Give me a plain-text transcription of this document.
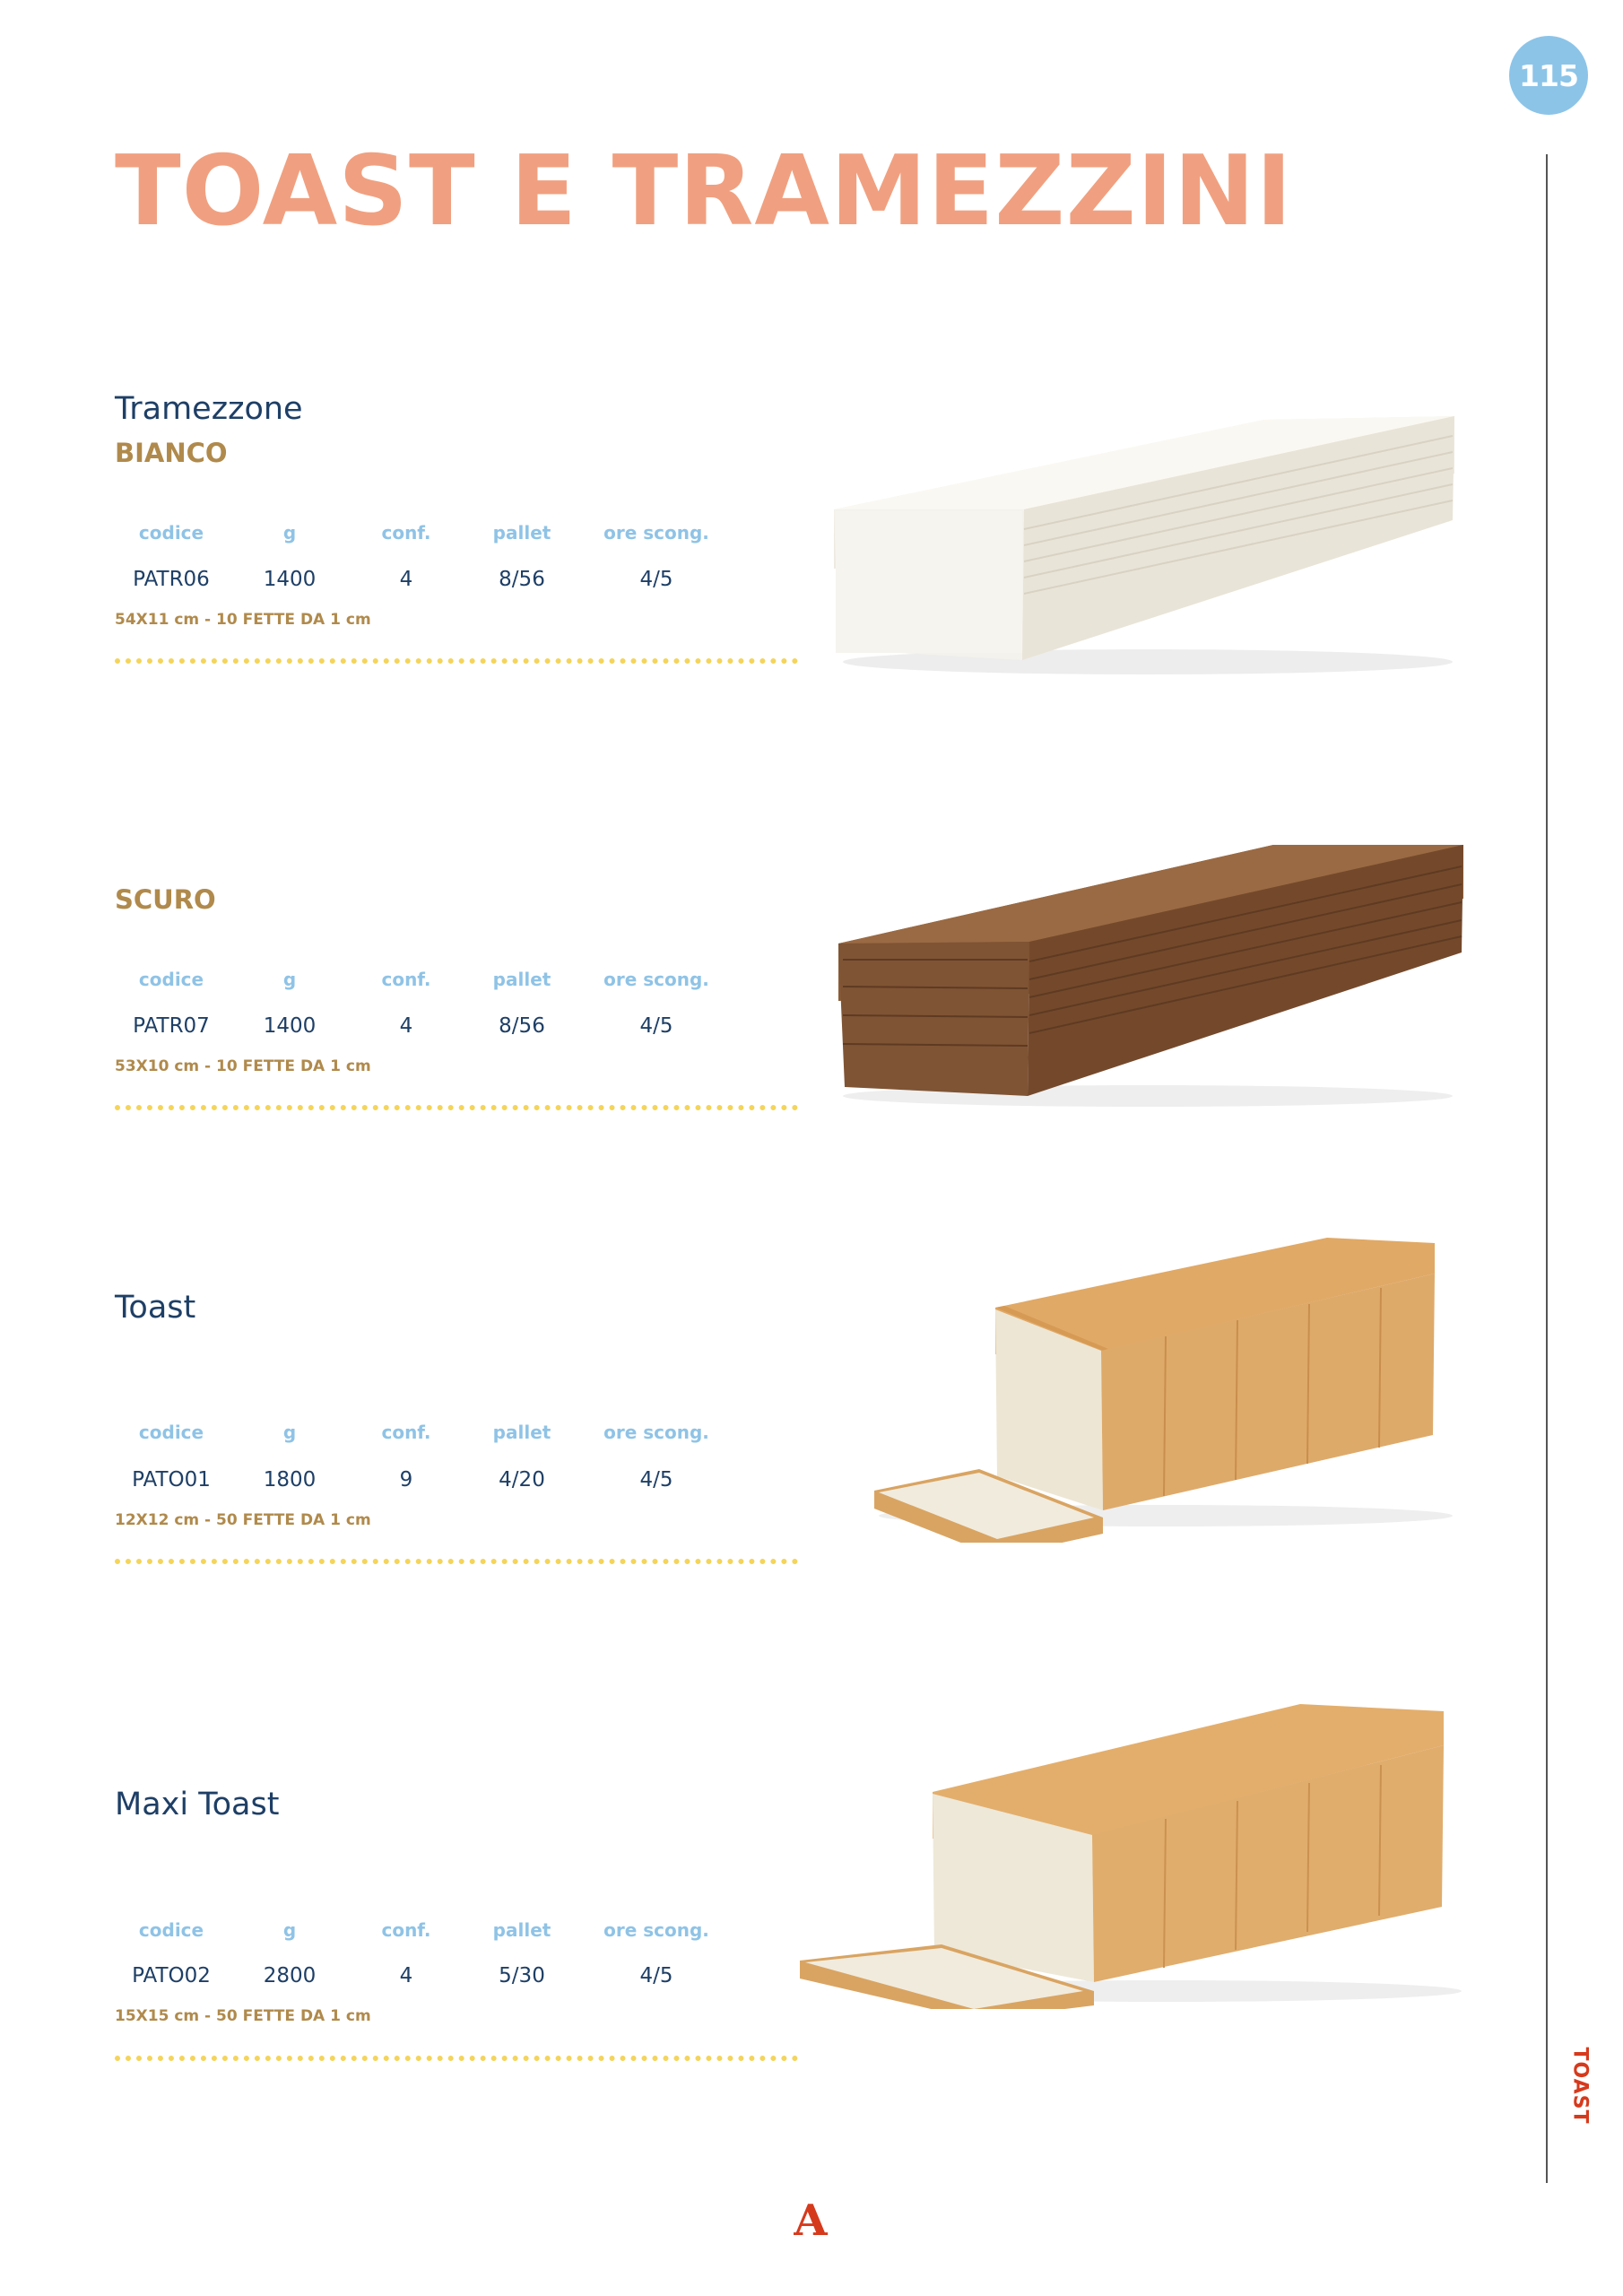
115
TOAST
TOAST E TRAMEZZINI
Tramezzone
BIANCO
codice	g	conf.	pallet	ore scong.
PATR06	1400	4	8/56	4/5
54X11 cm - 10 FETTE DA 1 cm
SCURO
codice	g	conf.	pallet	ore scong.
PATR07	1400	4	8/56	4/5
53X10 cm - 10 FETTE DA 1 cm
Toast
codice	g	conf.	pallet	ore scong.
PATO01	1800	9	4/20	4/5
12X12 cm - 50 FETTE DA 1 cm
Maxi Toast
codice	g	conf.	pallet	ore scong.
PATO02	2800	4	5/30	4/5
15X15 cm - 50 FETTE DA 1 cm
A
